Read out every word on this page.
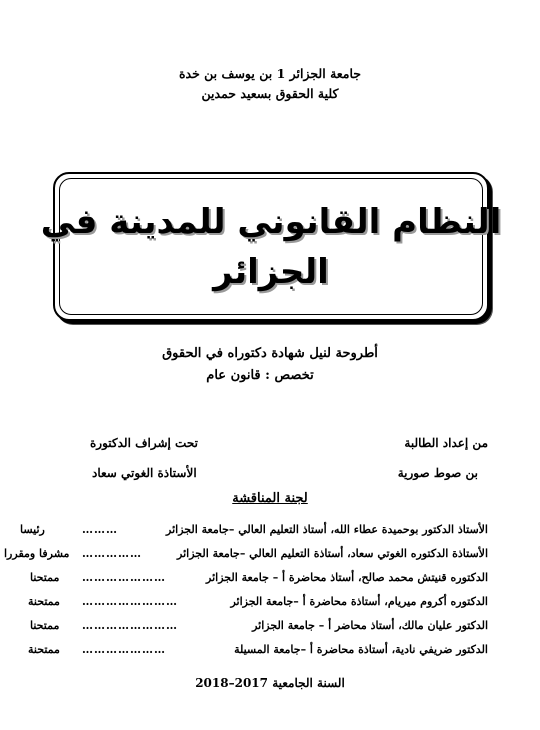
جامعة الجزائر 1 بن يوسف بن خدة
كلية الحقوق بسعيد حمدين
النظام القانوني للمدينة في
الجزائر
أطروحة لنيل شهادة دكتوراه في الحقوق
تخصص : قانون عام
من إعداد الطالبة
تحت إشراف الدكتورة
بن صوط صورية
الأستاذة الغوتي سعاد
لجنة المناقشة
الأستاذ الدكتور بوحميدة عطاء الله، أستاذ التعليم العالي –جامعة الجزائر
………
رئيسا
الأستاذة الدكتوره الغوتي سعاد، أستاذة التعليم العالي –جامعة الجزائر
……………
مشرفا ومقررا
الدكتوره قنيتش محمد صالح، أستاذ محاضرة أ – جامعة الجزائر
…………………
ممتحنا
الدكتوره أكروم ميريام، أستاذة محاضرة أ –جامعة الجزائر
……………………
ممتحنة
الدكتور عليان مالك، أستاذ محاضر أ – جامعة الجزائر
……………………
ممتحنا
الدكتور ضريفي نادية، أستاذة محاضرة أ –جامعة المسيلة
…………………
ممتحنة
السنة الجامعية 2017–2018
